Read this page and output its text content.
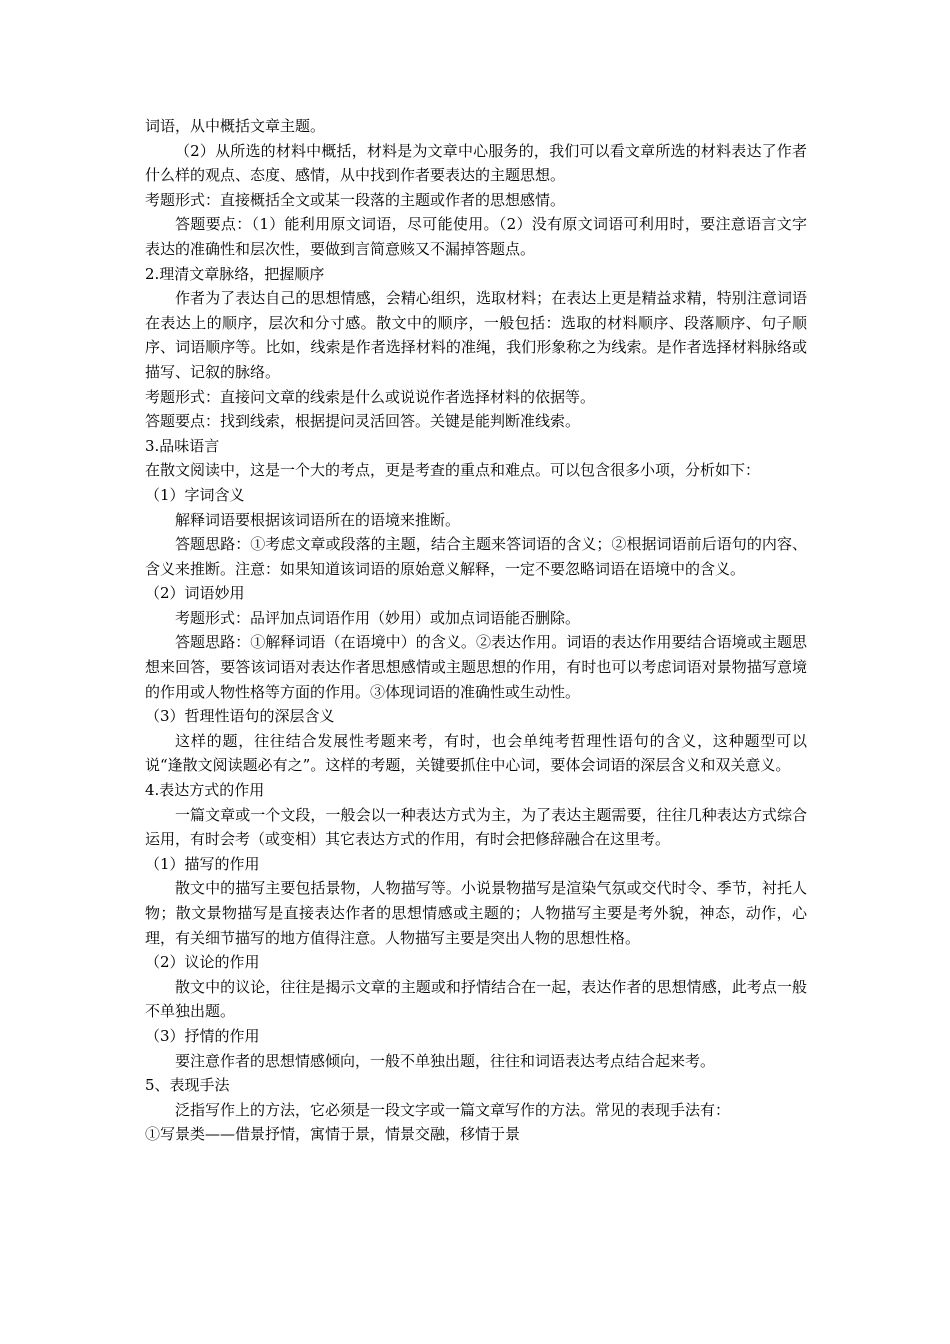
词语，从中概括文章主题。

（2）从所选的材料中概括，材料是为文章中心服务的，我们可以看文章所选的材料表达了作者什么样的观点、态度、感情，从中找到作者要表达的主题思想。

考题形式：直接概括全文或某一段落的主题或作者的思想感情。

答题要点：（1）能利用原文词语，尽可能使用。（2）没有原文词语可利用时，要注意语言文字表达的准确性和层次性，要做到言简意赅又不漏掉答题点。

2.理清文章脉络，把握顺序

作者为了表达自己的思想情感，会精心组织，选取材料；在表达上更是精益求精，特别注意词语在表达上的顺序，层次和分寸感。散文中的顺序，一般包括：选取的材料顺序、段落顺序、句子顺序、词语顺序等。比如，线索是作者选择材料的准绳，我们形象称之为线索。是作者选择材料脉络或描写、记叙的脉络。

考题形式：直接问文章的线索是什么或说说作者选择材料的依据等。

答题要点：找到线索，根据提问灵活回答。关键是能判断准线索。

3.品味语言

在散文阅读中，这是一个大的考点，更是考查的重点和难点。可以包含很多小项，分析如下：

（1）字词含义

解释词语要根据该词语所在的语境来推断。

答题思路：①考虑文章或段落的主题，结合主题来答词语的含义；②根据词语前后语句的内容、含义来推断。注意：如果知道该词语的原始意义解释，一定不要忽略词语在语境中的含义。

（2）词语妙用

考题形式：品评加点词语作用（妙用）或加点词语能否删除。

答题思路：①解释词语（在语境中）的含义。②表达作用。词语的表达作用要结合语境或主题思想来回答，要答该词语对表达作者思想感情或主题思想的作用，有时也可以考虑词语对景物描写意境的作用或人物性格等方面的作用。③体现词语的准确性或生动性。

（3）哲理性语句的深层含义

这样的题，往往结合发展性考题来考，有时，也会单纯考哲理性语句的含义，这种题型可以说“逢散文阅读题必有之”。这样的考题，关键要抓住中心词，要体会词语的深层含义和双关意义。

4.表达方式的作用

一篇文章或一个文段，一般会以一种表达方式为主，为了表达主题需要，往往几种表达方式综合运用，有时会考（或变相）其它表达方式的作用，有时会把修辞融合在这里考。

（1）描写的作用

散文中的描写主要包括景物，人物描写等。小说景物描写是渲染气氛或交代时令、季节，衬托人物；散文景物描写是直接表达作者的思想情感或主题的；人物描写主要是考外貌，神态，动作，心理，有关细节描写的地方值得注意。人物描写主要是突出人物的思想性格。

（2）议论的作用

散文中的议论，往往是揭示文章的主题或和抒情结合在一起，表达作者的思想情感，此考点一般不单独出题。

（3）抒情的作用

要注意作者的思想情感倾向，一般不单独出题，往往和词语表达考点结合起来考。

5、表现手法

泛指写作上的方法，它必须是一段文字或一篇文章写作的方法。常见的表现手法有：

①写景类——借景抒情，寓情于景，情景交融，移情于景
